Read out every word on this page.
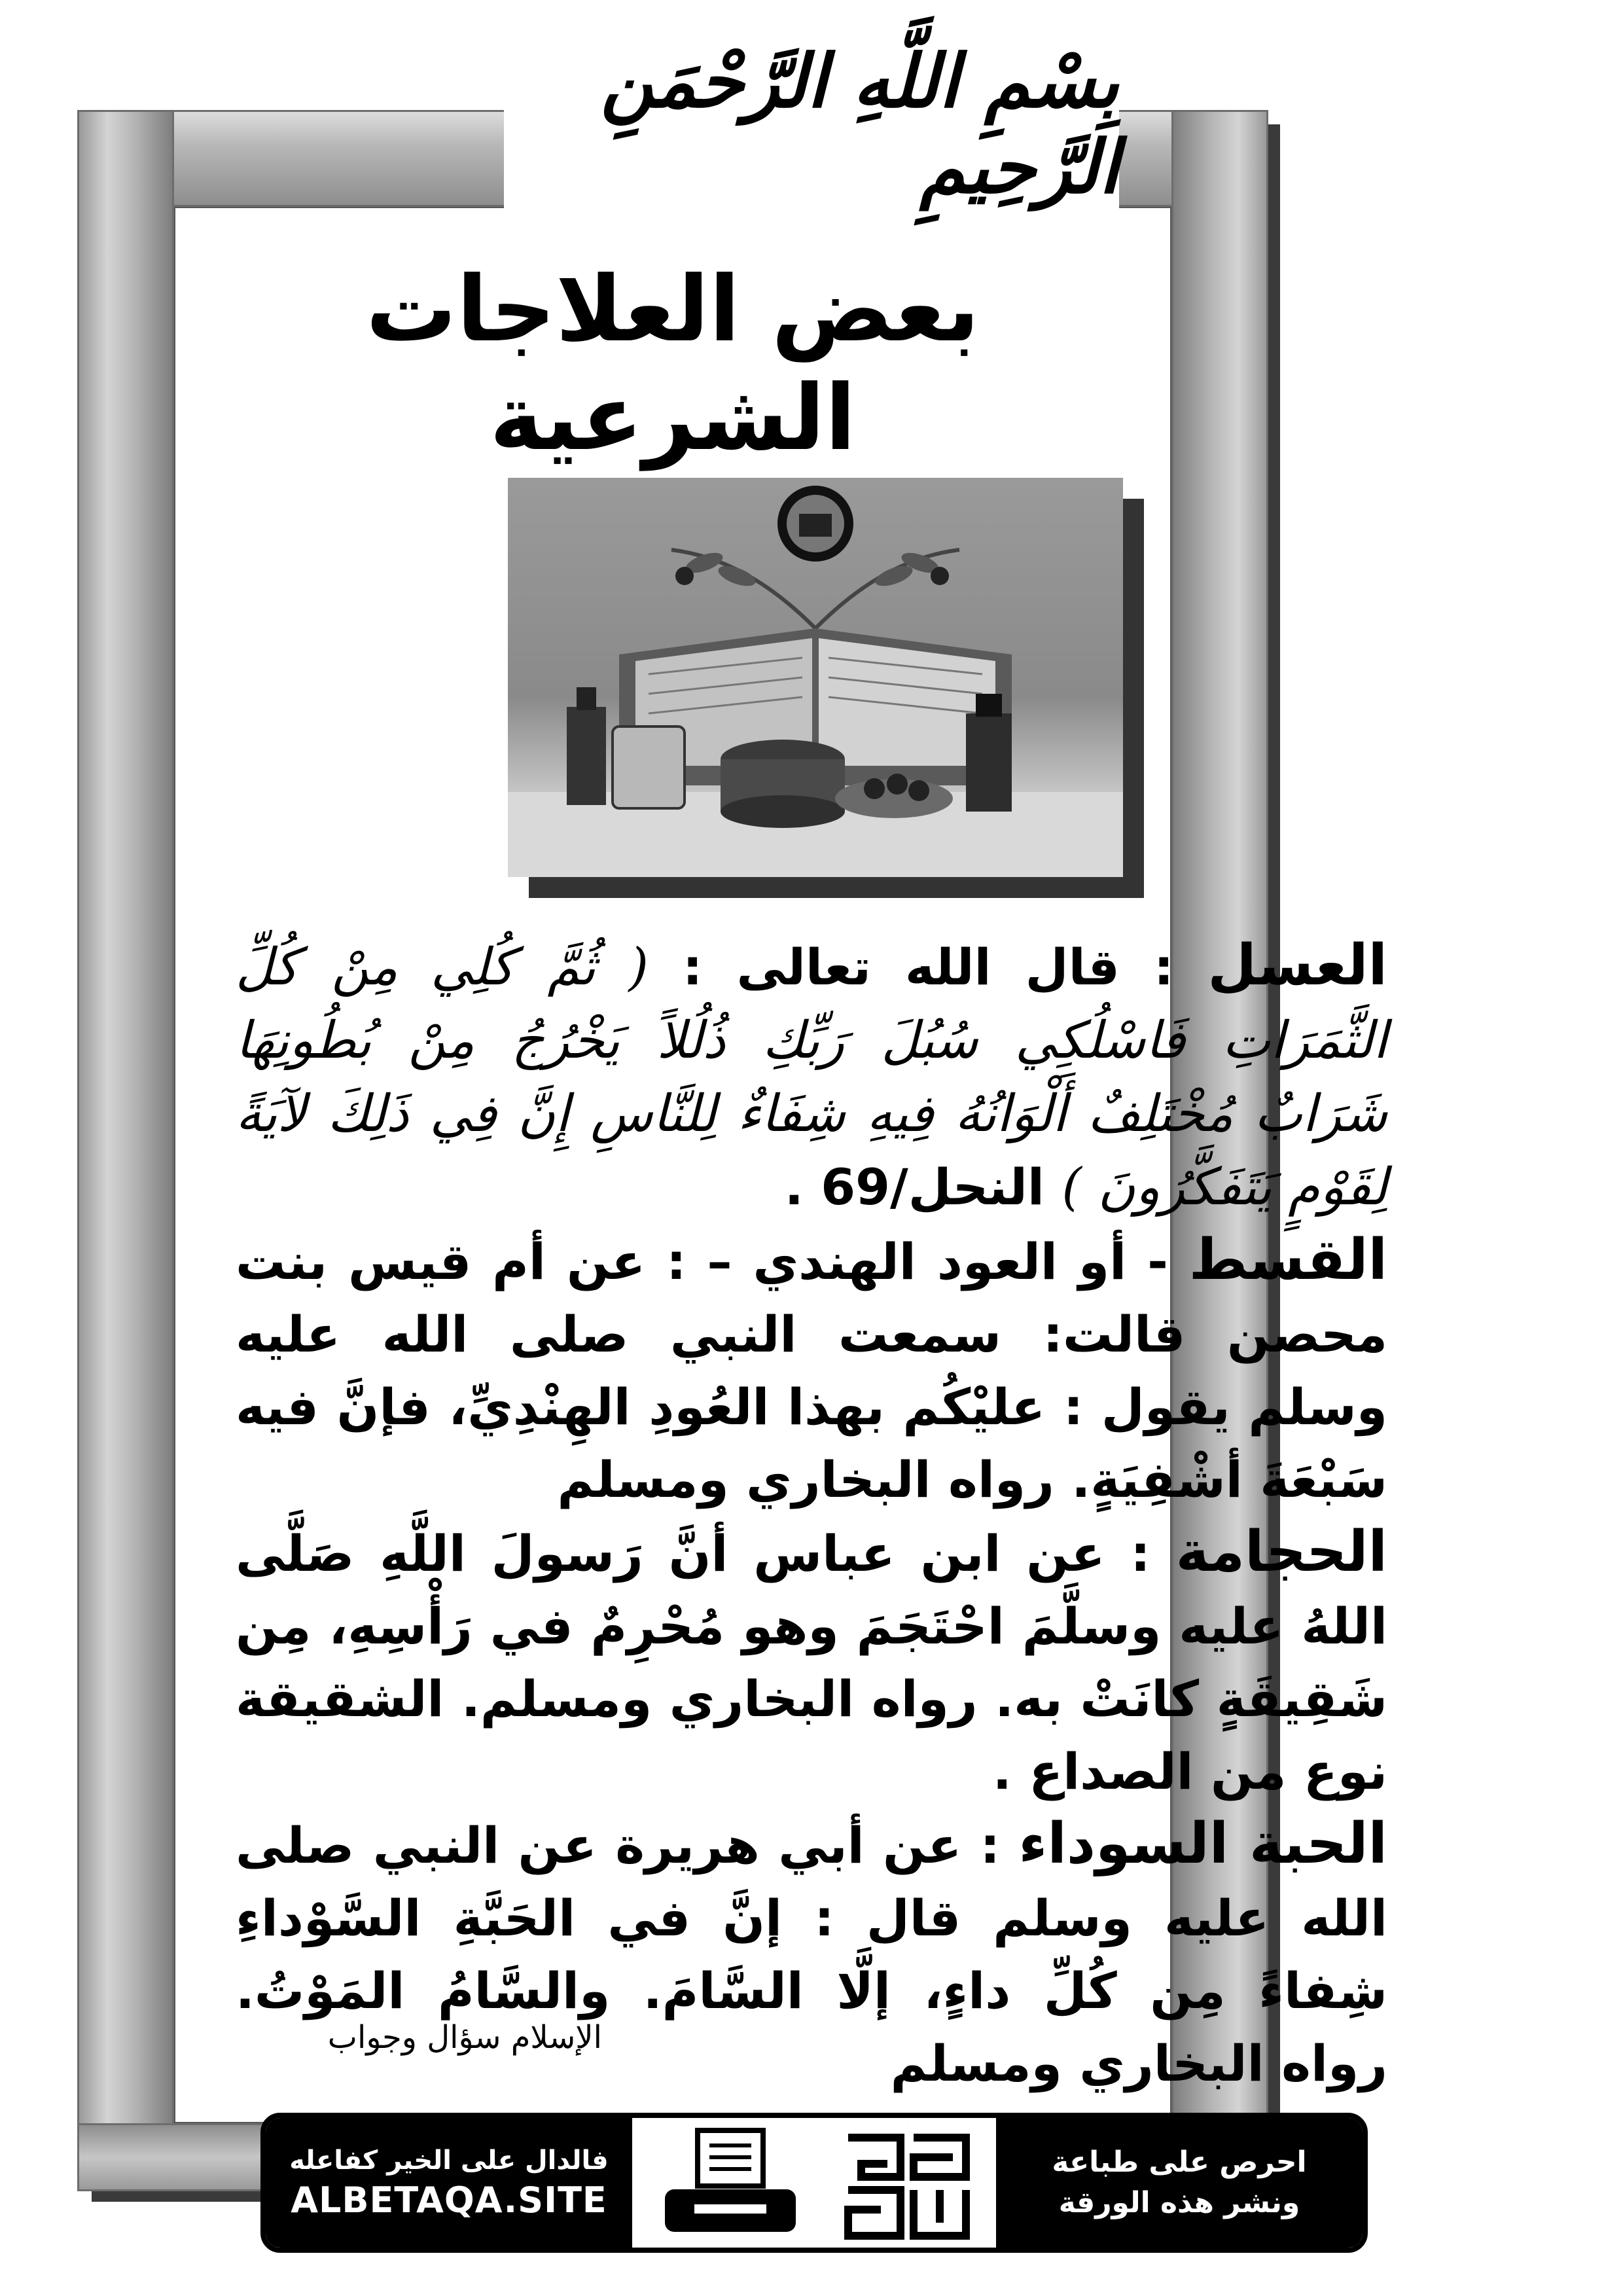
بِسْمِ اللَّهِ الرَّحْمَنِ الرَّحِيمِ
بعض العلاجات الشرعية

العسل : قال الله تعالى : ( ثُمَّ كُلِي مِنْ كُلِّ الثَّمَرَاتِ فَاسْلُكِي سُبُلَ رَبِّكِ ذُلُلاً يَخْرُجُ مِنْ بُطُونِهَا شَرَابٌ مُخْتَلِفٌ أَلْوَانُهُ فِيهِ شِفَاءٌ لِلنَّاسِ إِنَّ فِي ذَلِكَ لآيَةً لِقَوْمٍ يَتَفَكَّرُونَ ) النحل/69 .

القسط - أو العود الهندي – : عن أم قيس بنت محصن قالت: سمعت النبي صلى الله عليه وسلم يقول : عليْكُم بهذا العُودِ الهِنْدِيِّ، فإنَّ فيه سَبْعَةَ أشْفِيَةٍ. رواه البخاري ومسلم

الحجامة : عن ابن عباس أنَّ رَسولَ اللَّهِ صَلَّى اللهُ عليه وسلَّمَ احْتَجَمَ وهو مُحْرِمٌ في رَأْسِهِ، مِن شَقِيقَةٍ كانَتْ به. رواه البخاري ومسلم. الشقيقة نوع من الصداع .

الحبة السوداء : عن أبي هريرة عن النبي صلى الله عليه وسلم قال : إنَّ في الحَبَّةِ السَّوْداءِ شِفاءً مِن كُلِّ داءٍ، إلَّا السَّامَ. والسَّامُ المَوْتُ. رواه البخاري ومسلم

الإسلام سؤال وجواب
فالدال على الخير كفاعله
ALBETAQA.SITE
دعوة الورقة
احرص على طباعة
ونشر هذه الورقة
